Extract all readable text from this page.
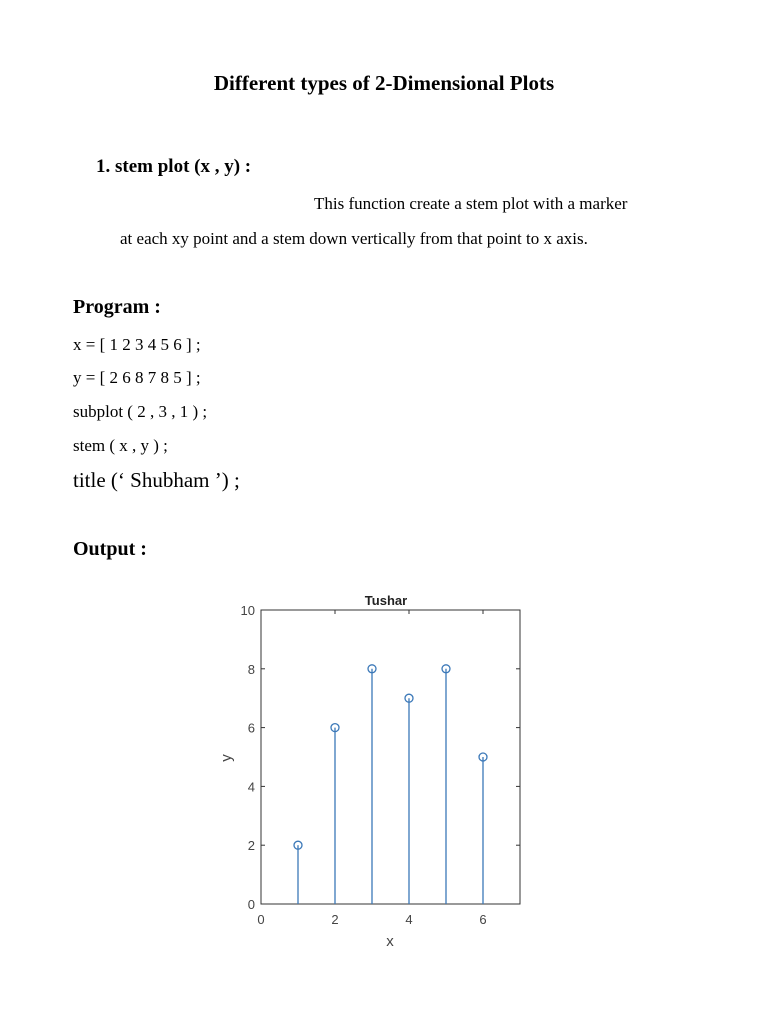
Different types of 2-Dimensional Plots
1. stem plot (x , y) :
This function create a stem plot with a marker
at each xy point and a stem down vertically from that point to x axis.
Program :
x = [ 1 2 3 4 5 6 ] ;
y = [ 2 6 8 7 8 5 ] ;
subplot ( 2 , 3 , 1 ) ;
stem ( x , y ) ;
title (‘ Shubham ’) ;
Output :
Tushar
x
y
0	2	4	6
0
2
4
6
8
10
